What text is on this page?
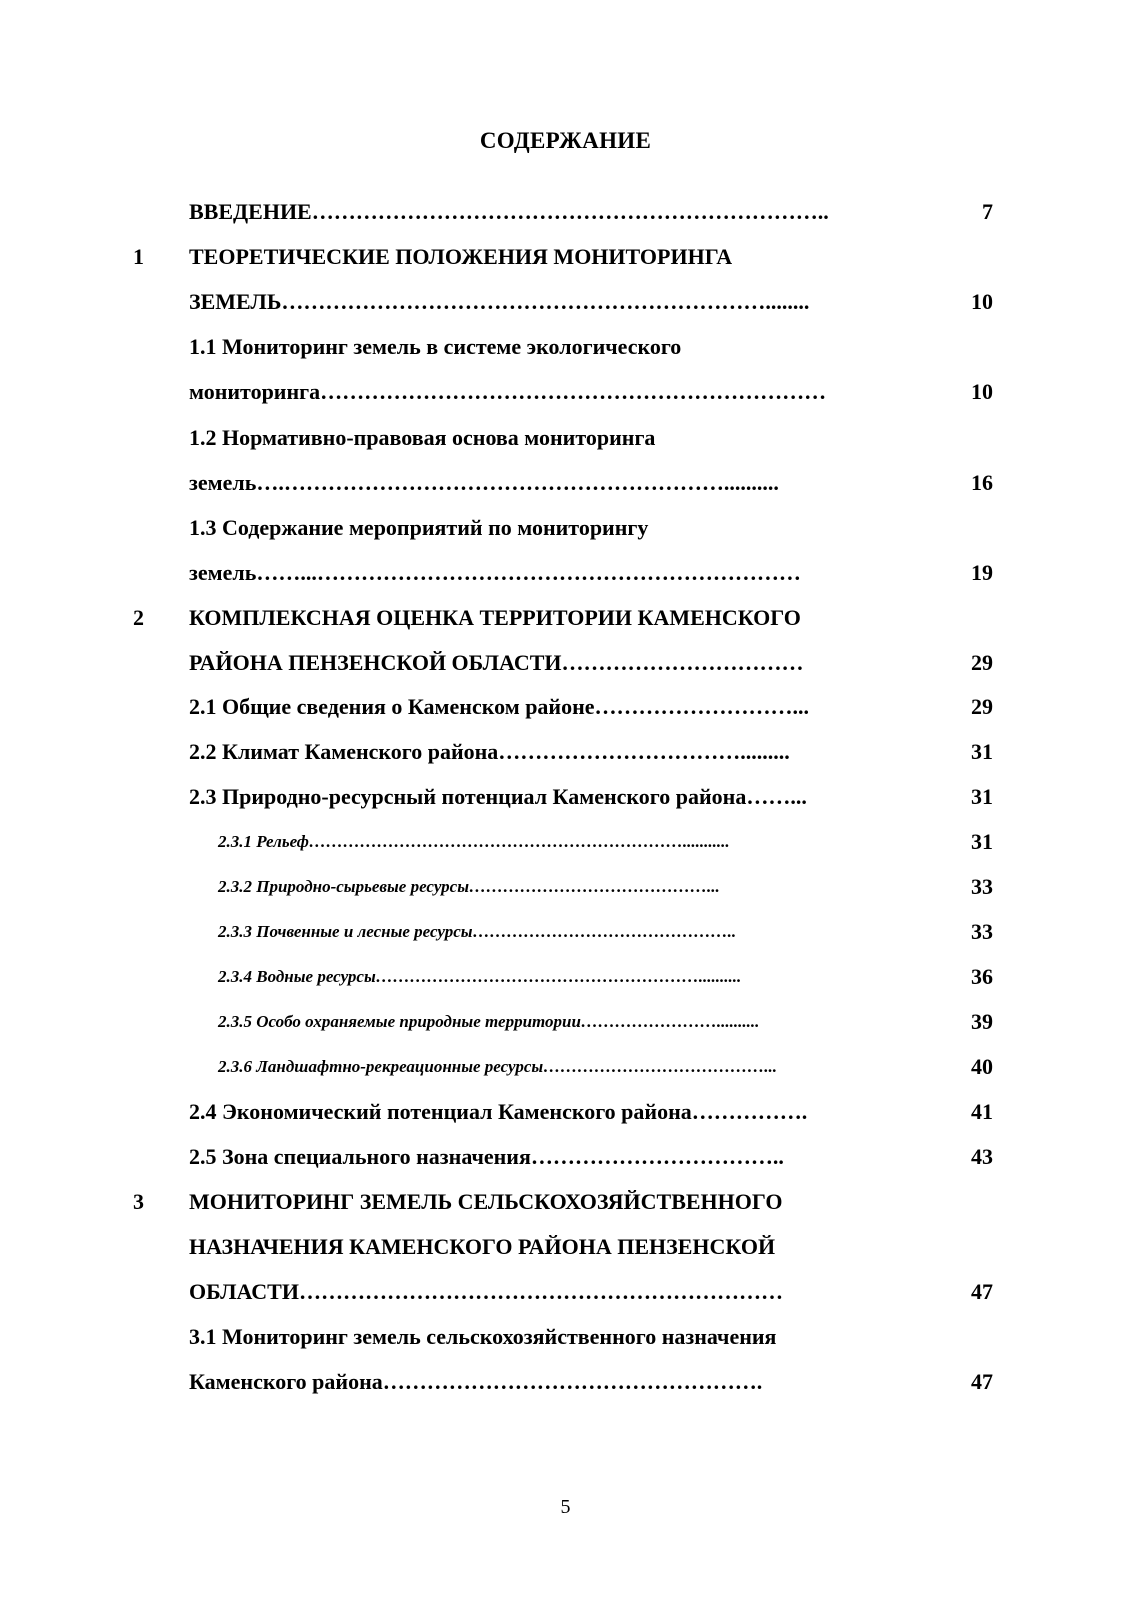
СОДЕРЖАНИЕ
ВВЕДЕНИЕ……………………………………………………………..	7
1 ТЕОРЕТИЧЕСКИЕ ПОЛОЖЕНИЯ МОНИТОРИНГА
ЗЕМЕЛЬ…………………………………………………………........	10
1.1 Мониторинг земель в системе экологического
мониторинга……………………………………………………………	10
1.2 Нормативно-правовая основа мониторинга
земель….……………………………………………………..........	16
1.3 Содержание мероприятий по мониторингу
земель……...…………………………………………………………	19
2 КОМПЛЕКСНАЯ ОЦЕНКА ТЕРРИТОРИИ КАМЕНСКОГО
РАЙОНА ПЕНЗЕНСКОЙ ОБЛАСТИ……………………………	29
2.1 Общие сведения о Каменском районе………………………...	29
2.2 Климат Каменского района…………………………….........	31
2.3 Природно-ресурсный потенциал Каменского района……...	31
2.3.1 Рельеф…………………………………………………………...........	31
2.3.2 Природно-сырьевые ресурсы……………………………………...	33
2.3.3 Почвенные и лесные ресурсы………………………………………..	33
2.3.4 Водные ресурсы…………………………………………………..........	36
2.3.5 Особо охраняемые природные территории……………………..........	39
2.3.6 Ландшафтно-рекреационные ресурсы…………………………………...	40
2.4 Экономический потенциал Каменского района…………….	41
2.5 Зона специального назначения……………………………..	43
3 МОНИТОРИНГ ЗЕМЕЛЬ СЕЛЬСКОХОЗЯЙСТВЕННОГО
НАЗНАЧЕНИЯ КАМЕНСКОГО РАЙОНА ПЕНЗЕНСКОЙ
ОБЛАСТИ…………………………………………………………	47
3.1 Мониторинг земель сельскохозяйственного назначения
Каменского района…………………………………………….	47
5
